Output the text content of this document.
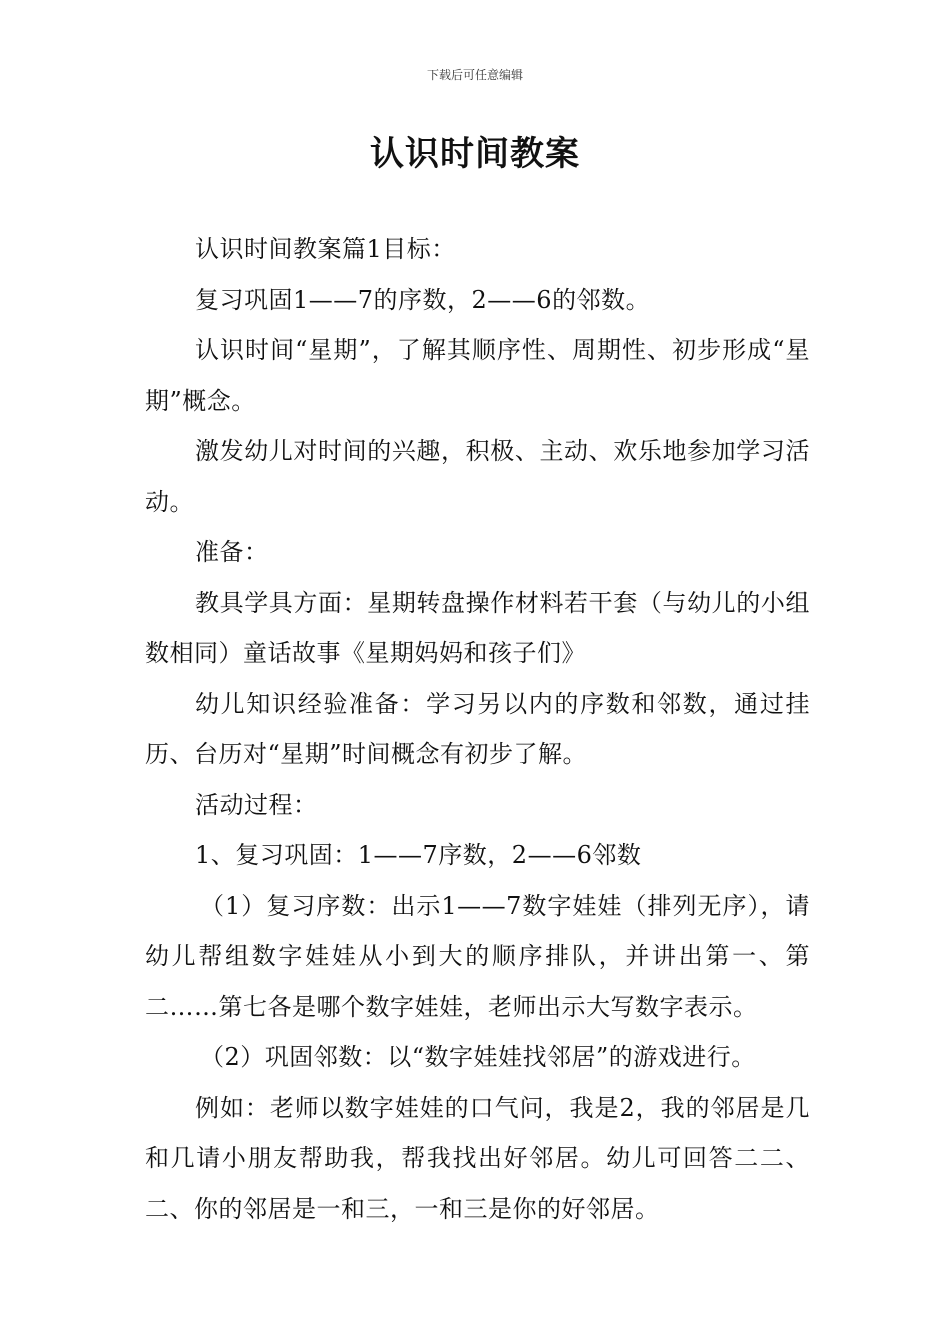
下载后可任意编辑
认识时间教案

认识时间教案篇1目标：

复习巩固1——7的序数，2——6的邻数。

认识时间“星期”，了解其顺序性、周期性、初步形成“星期”概念。

激发幼儿对时间的兴趣，积极、主动、欢乐地参加学习活动。

准备：

教具学具方面：星期转盘操作材料若干套（与幼儿的小组数相同）童话故事《星期妈妈和孩子们》

幼儿知识经验准备：学习另以内的序数和邻数，通过挂历、台历对“星期”时间概念有初步了解。

活动过程：

1、复习巩固：1——7序数，2——6邻数

（1）复习序数：出示1——7数字娃娃（排列无序），请幼儿帮组数字娃娃从小到大的顺序排队，并讲出第一、第二……第七各是哪个数字娃娃，老师出示大写数字表示。

（2）巩固邻数：以“数字娃娃找邻居”的游戏进行。

例如：老师以数字娃娃的口气问，我是2，我的邻居是几和几请小朋友帮助我，帮我找出好邻居。幼儿可回答二二、二、你的邻居是一和三，一和三是你的好邻居。
